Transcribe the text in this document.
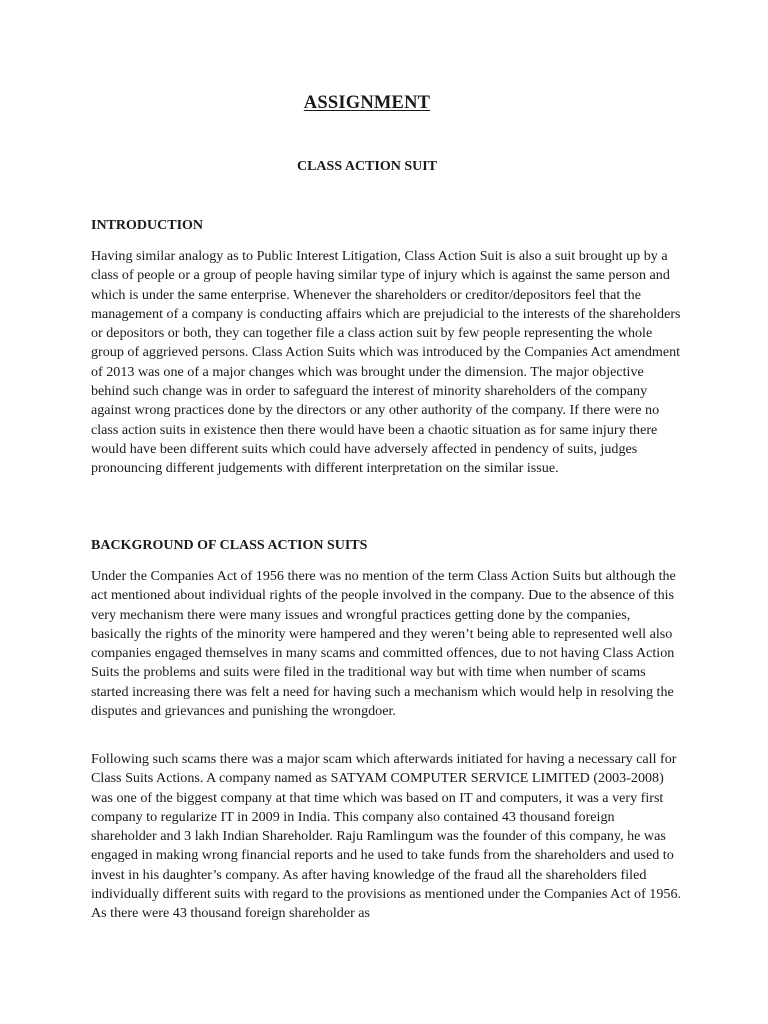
ASSIGNMENT
CLASS ACTION SUIT
INTRODUCTION

Having similar analogy as to Public Interest Litigation, Class Action Suit is also a suit brought up by a class of people or a group of people having similar type of injury which is against the same person and which is under the same enterprise. Whenever the shareholders or creditor/depositors feel that the management of a company is conducting affairs which are prejudicial to the interests of the shareholders or depositors or both, they can together file a class action suit by few people representing the whole group of aggrieved persons. Class Action Suits which was introduced by the Companies Act amendment of 2013 was one of a major changes which was brought under the dimension. The major objective behind such change was in order to safeguard the interest of minority shareholders of the company against wrong practices done by the directors or any other authority of the company. If there were no class action suits in existence then there would have been a chaotic situation as for same injury there would have been different suits which could have adversely affected in pendency of suits, judges pronouncing different judgements with different interpretation on the similar issue.

BACKGROUND OF CLASS ACTION SUITS

Under the Companies Act of 1956 there was no mention of the term Class Action Suits but although the act mentioned about individual rights of the people involved in the company. Due to the absence of this very mechanism there were many issues and wrongful practices getting done by the companies, basically the rights of the minority were hampered and they weren’t being able to represented well also companies engaged themselves in many scams and committed offences, due to not having Class Action Suits the problems and suits were filed in the traditional way but with time when number of scams started increasing there was felt a need for having such a mechanism which would help in resolving the disputes and grievances and punishing the wrongdoer.

Following such scams there was a major scam which afterwards initiated for having a necessary call for Class Suits Actions. A company named as SATYAM COMPUTER SERVICE LIMITED (2003-2008) was one of the biggest company at that time which was based on IT and computers, it was a very first company to regularize IT in 2009 in India. This company also contained 43 thousand foreign shareholder and 3 lakh Indian Shareholder. Raju Ramlingum was the founder of this company, he was engaged in making wrong financial reports and he used to take funds from the shareholders and used to invest in his daughter’s company. As after having knowledge of the fraud all the shareholders filed individually different suits with regard to the provisions as mentioned under the Companies Act of 1956. As there were 43 thousand foreign shareholder as
